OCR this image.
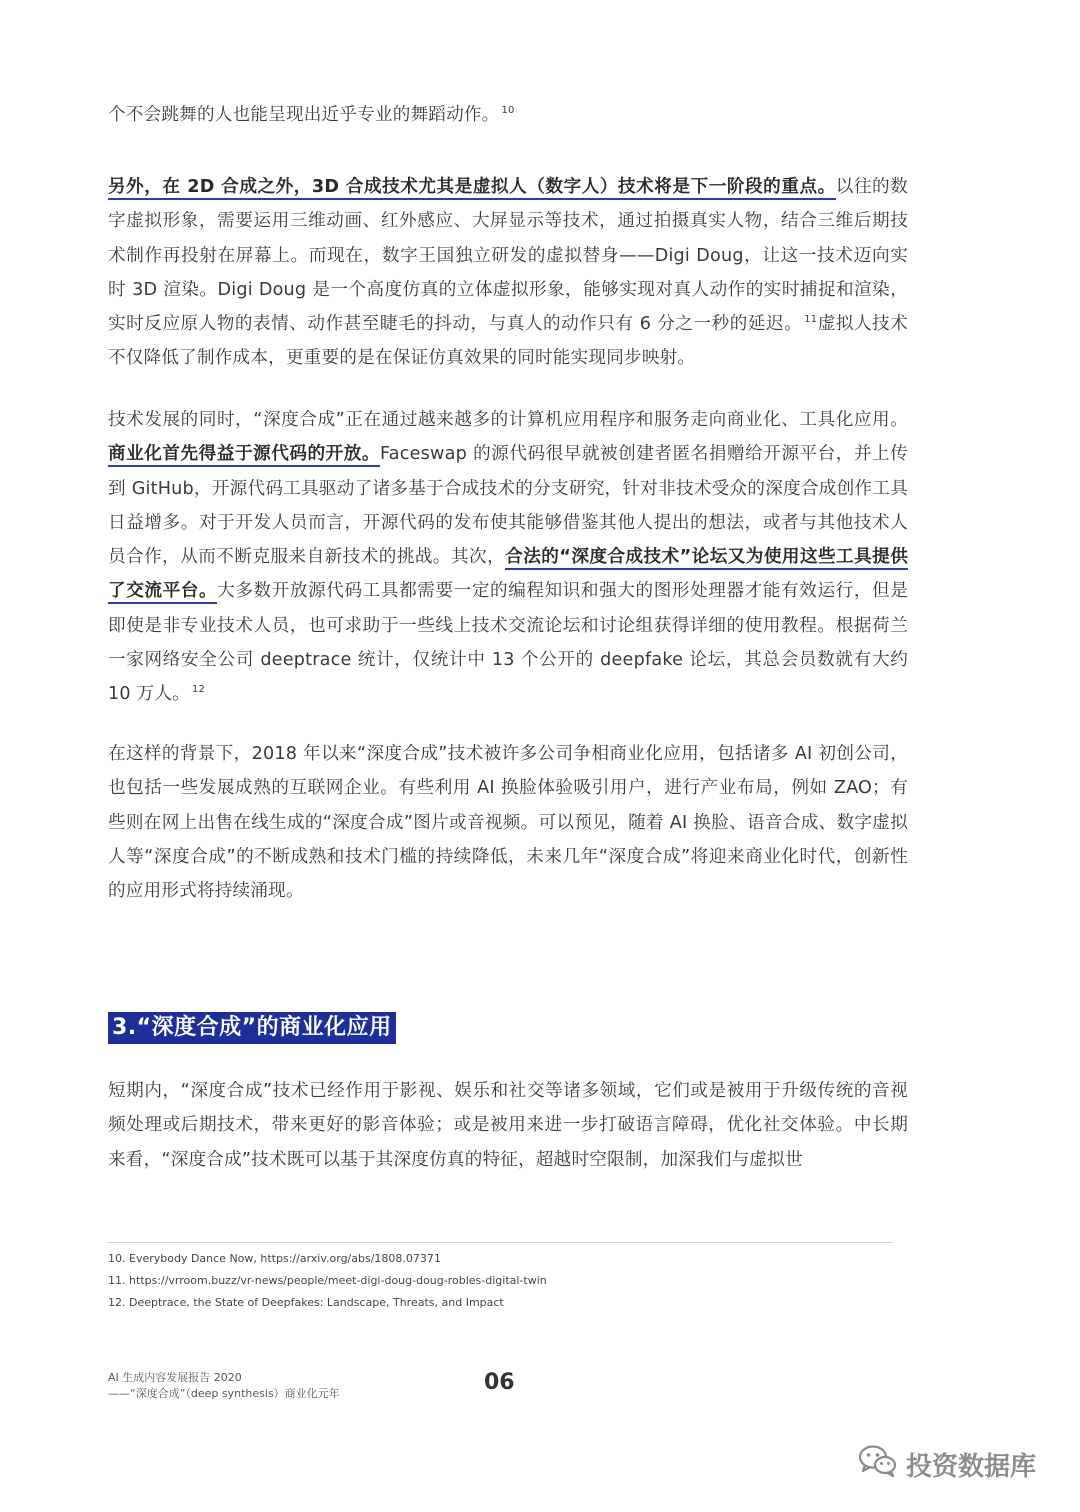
个不会跳舞的人也能呈现出近乎专业的舞蹈动作。 $^{10}$

另外，在 2D 合成之外，3D 合成技术尤其是虚拟人（数字人）技术将是下一阶段的重点。以往的数字虚拟形象，需要运用三维动画、红外感应、大屏显示等技术，通过拍摄真实人物，结合三维后期技术制作再投射在屏幕上。而现在，数字王国独立研发的虚拟替身——Digi Doug，让这一技术迈向实时 3D 渲染。Digi Doug 是一个高度仿真的立体虚拟形象，能够实现对真人动作的实时捕捉和渲染，实时反应原人物的表情、动作甚至睫毛的抖动，与真人的动作只有 6 分之一秒的延迟。 $^{11}$虚拟人技术不仅降低了制作成本，更重要的是在保证仿真效果的同时能实现同步映射。

技术发展的同时，“深度合成”正在通过越来越多的计算机应用程序和服务走向商业化、工具化应用。商业化首先得益于源代码的开放。Faceswap 的源代码很早就被创建者匿名捐赠给开源平台，并上传到 GitHub，开源代码工具驱动了诸多基于合成技术的分支研究，针对非技术受众的深度合成创作工具日益增多。对于开发人员而言，开源代码的发布使其能够借鉴其他人提出的想法，或者与其他技术人员合作，从而不断克服来自新技术的挑战。其次，合法的“深度合成技术”论坛又为使用这些工具提供了交流平台。大多数开放源代码工具都需要一定的编程知识和强大的图形处理器才能有效运行，但是即使是非专业技术人员，也可求助于一些线上技术交流论坛和讨论组获得详细的使用教程。根据荷兰一家网络安全公司 deeptrace 统计，仅统计中 13 个公开的 deepfake 论坛，其总会员数就有大约 10 万人。 $^{12}$

在这样的背景下，2018 年以来“深度合成”技术被许多公司争相商业化应用，包括诸多 AI 初创公司，也包括一些发展成熟的互联网企业。有些利用 AI 换脸体验吸引用户，进行产业布局，例如 ZAO；有些则在网上出售在线生成的“深度合成”图片或音视频。可以预见，随着 AI 换脸、语音合成、数字虚拟人等“深度合成”的不断成熟和技术门槛的持续降低，未来几年“深度合成”将迎来商业化时代，创新性的应用形式将持续涌现。

3.“深度合成”的商业化应用

短期内，“深度合成”技术已经作用于影视、娱乐和社交等诸多领域，它们或是被用于升级传统的音视频处理或后期技术，带来更好的影音体验；或是被用来进一步打破语言障碍，优化社交体验。中长期来看，“深度合成”技术既可以基于其深度仿真的特征，超越时空限制，加深我们与虚拟世

10. Everybody Dance Now, https://arxiv.org/abs/1808.07371
11. https://vrroom.buzz/vr-news/people/meet-digi-doug-doug-robles-digital-twin
12. Deeptrace, the State of Deepfakes: Landscape, Threats, and Impact
AI 生成内容发展报告 2020
——“深度合成”（deep synthesis）商业化元年	06
投资数据库
